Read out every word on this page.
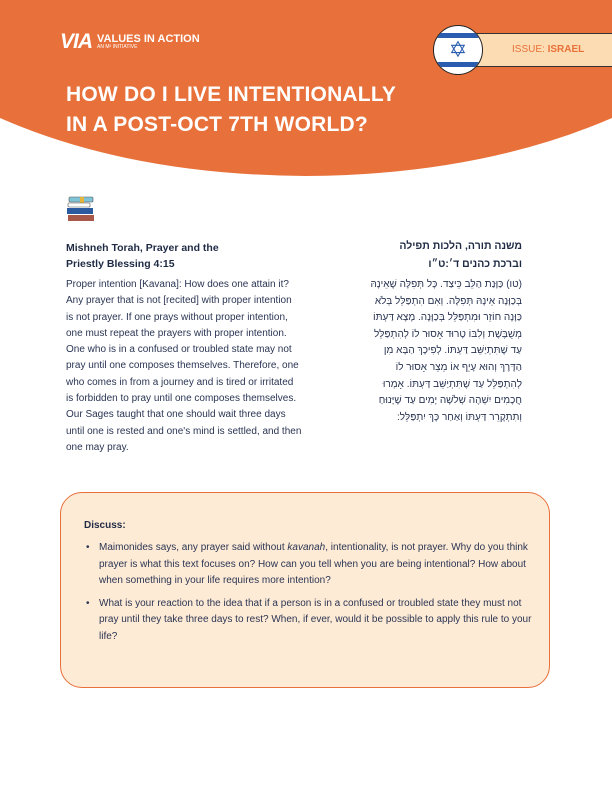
VIA VALUES IN ACTION
AN M² INITIATIVE	ISSUE: ISRAEL
✡
HOW DO I LIVE INTENTIONALLY
IN A POST-OCT 7TH WORLD?
Mishneh Torah, Prayer and the
Priestly Blessing 4:15
Proper intention [Kavana]: How does one attain it?
Any prayer that is not [recited] with proper intention
is not prayer. If one prays without proper intention,
one must repeat the prayers with proper intention.
One who is in a confused or troubled state may not
pray until one composes themselves. Therefore, one
who comes in from a journey and is tired or irritated
is forbidden to pray until one composes themselves.
Our Sages taught that one should wait three days
until one is rested and one's mind is settled, and then
one may pray.
משנה תורה, הלכות תפילה
וברכת כהנים ד׳:ט״ו
(טו) כַּוָּנַת הַלֵּב כֵּיצַד. כָּל תְּפִלָּה שֶׁאֵינָהּ
בְּכַוָּנָה אֵינָהּ תְּפִלָּה. וְאִם הִתְפַּלֵּל בְּלֹא
כַּוָּנָה חוֹזֵר וּמִתְפַּלֵּל בְּכַוָּנָה. מָצָא דַּעְתּוֹ
מְשֻׁבֶּשֶׁת וְלִבּוֹ טָרוּד אָסוּר לוֹ לְהִתְפַּלֵּל
עַד שֶׁתִּתְיַשֵּׁב דַּעְתּוֹ. לְפִיכָךְ הַבָּא מִן
הַדֶּרֶךְ וְהוּא עָיֵף אוֹ מֵצֵר אָסוּר לוֹ
לְהִתְפַּלֵּל עַד שֶׁתִּתְיַשֵּׁב דַּעְתּוֹ. אָמְרוּ
חֲכָמִים יִשְׁהֶה שְׁלֹשָׁה יָמִים עַד שֶׁיָּנוּחַ
וְתִתְקָרֵר דַּעְתּוֹ וְאַחַר כָּךְ יִתְפַּלֵּל:
Discuss:
• Maimonides says, any prayer said without kavanah, intentionality, is not prayer. Why do you think prayer is what this text focuses on? How can you tell when you are being intentional? How about when something in your life requires more intention?
• What is your reaction to the idea that if a person is in a confused or troubled state they must not pray until they take three days to rest? When, if ever, would it be possible to apply this rule to your life?
